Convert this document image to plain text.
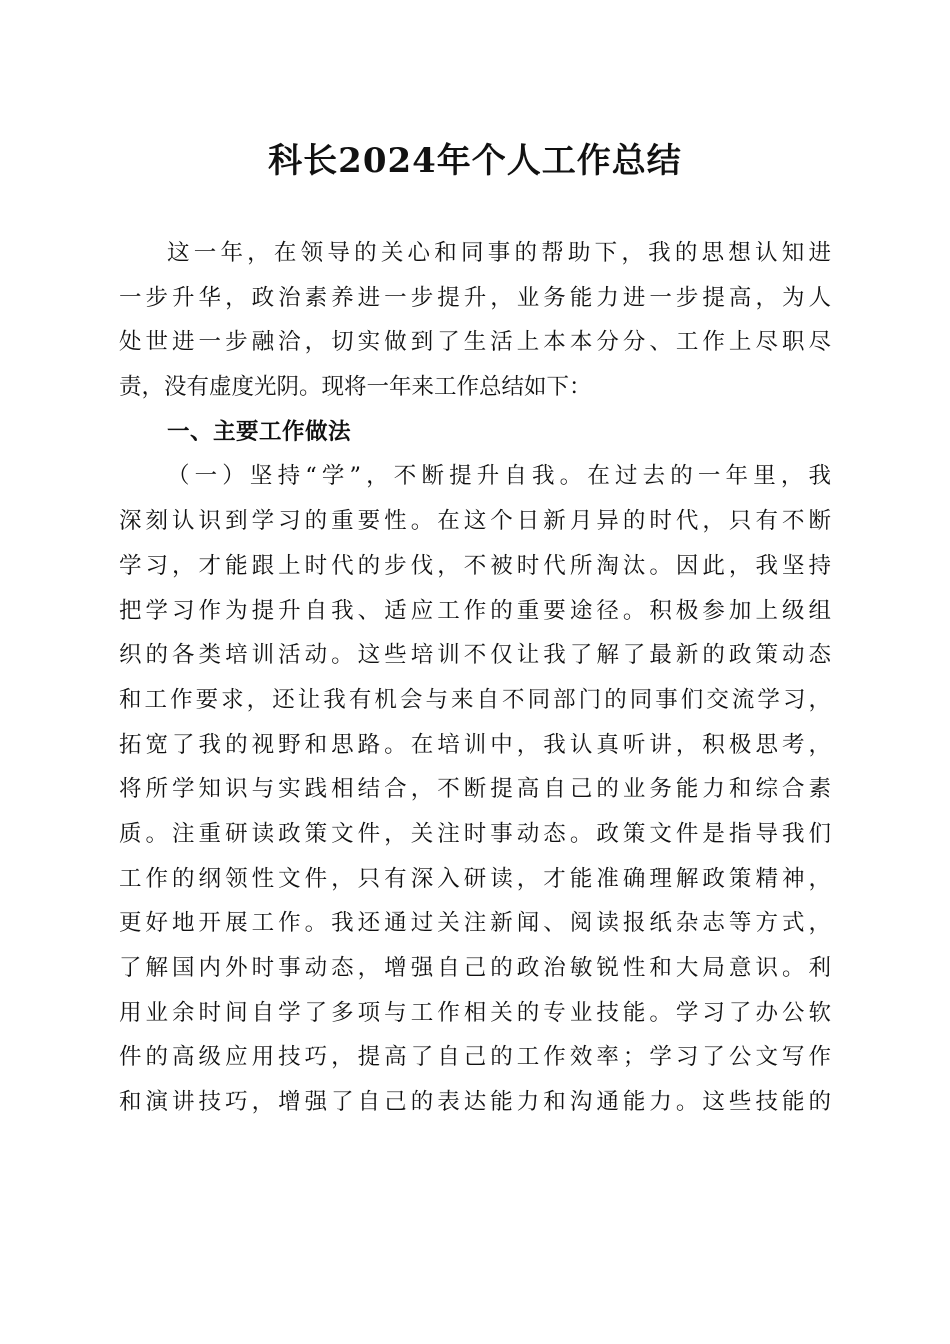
科长2024年个人工作总结
这一年，在领导的关心和同事的帮助下，我的思想认知进
一步升华，政治素养进一步提升，业务能力进一步提高，为人
处世进一步融洽，切实做到了生活上本本分分、工作上尽职尽
责，没有虚度光阴。现将一年来工作总结如下：
一、主要工作做法
（一）坚持“学”，不断提升自我。在过去的一年里，我
深刻认识到学习的重要性。在这个日新月异的时代，只有不断
学习，才能跟上时代的步伐，不被时代所淘汰。因此，我坚持
把学习作为提升自我、适应工作的重要途径。积极参加上级组
织的各类培训活动。这些培训不仅让我了解了最新的政策动态
和工作要求，还让我有机会与来自不同部门的同事们交流学习，
拓宽了我的视野和思路。在培训中，我认真听讲，积极思考，
将所学知识与实践相结合，不断提高自己的业务能力和综合素
质。注重研读政策文件，关注时事动态。政策文件是指导我们
工作的纲领性文件，只有深入研读，才能准确理解政策精神，
更好地开展工作。我还通过关注新闻、阅读报纸杂志等方式，
了解国内外时事动态，增强自己的政治敏锐性和大局意识。利
用业余时间自学了多项与工作相关的专业技能。学习了办公软
件的高级应用技巧，提高了自己的工作效率；学习了公文写作
和演讲技巧，增强了自己的表达能力和沟通能力。这些技能的
